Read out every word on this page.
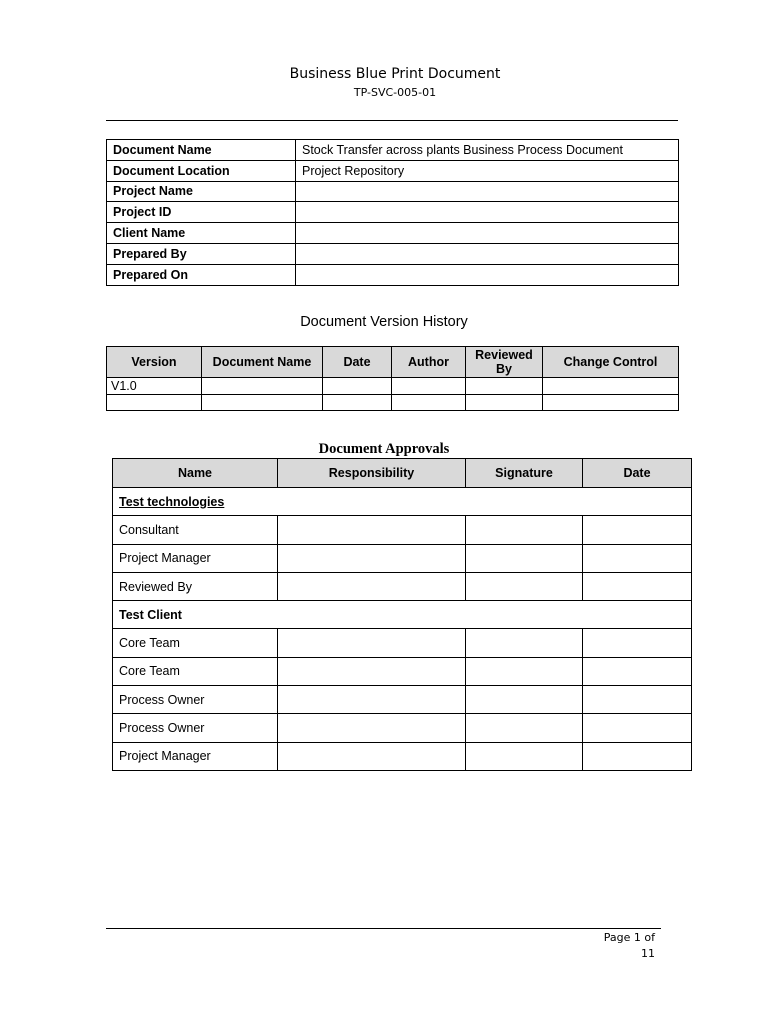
Business Blue Print Document
TP-SVC-005-01
Document Name	Stock Transfer across plants Business Process Document
Document Location	Project Repository
Project Name	
Project ID	
Client Name	
Prepared By	
Prepared On	
Document Version History
Version	Document Name	Date	Author	Reviewed By	Change Control
V1.0					

Document Approvals
Name	Responsibility	Signature	Date
Test technologies			
Consultant			
Project Manager			
Reviewed By			
Test Client			
Core Team			
Core Team			
Process Owner			
Process Owner			
Project Manager			
Page 1 of
11
